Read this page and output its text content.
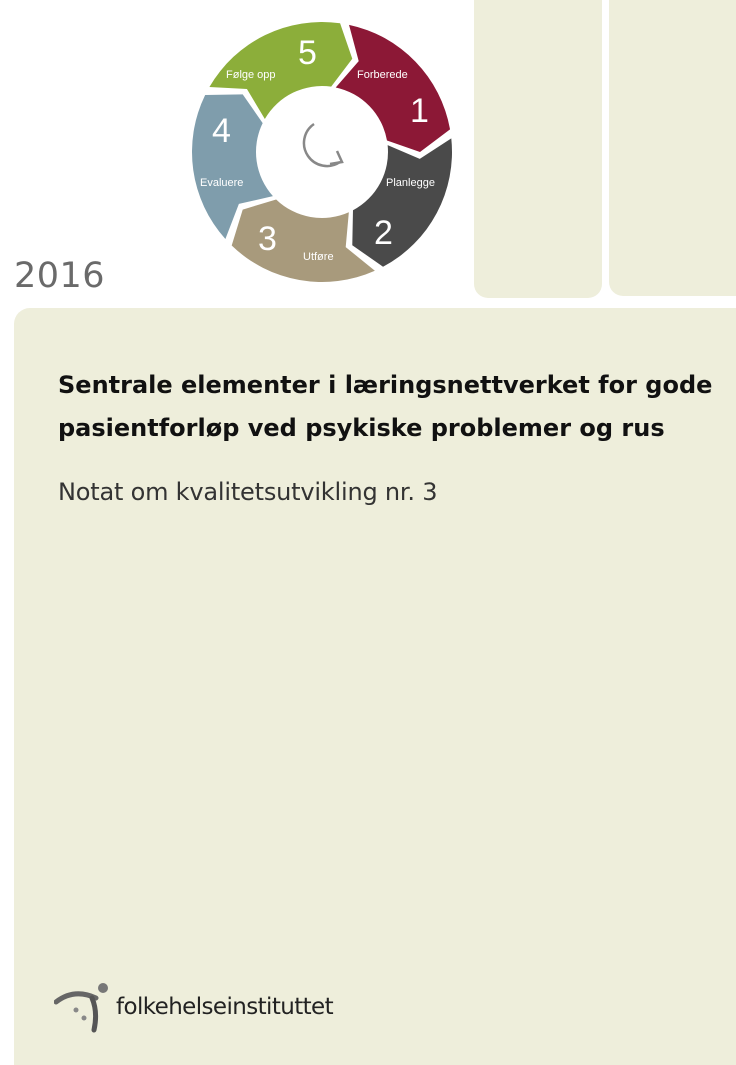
1
Forberede
2
Planlegge
3 Utføre
4
Evaluere
5
Følge opp
2016
Sentrale elementer i læringsnettverket for gode
pasientforløp ved psykiske problemer og rus

Notat om kvalitetsutvikling nr. 3

folkehelseinstituttet
